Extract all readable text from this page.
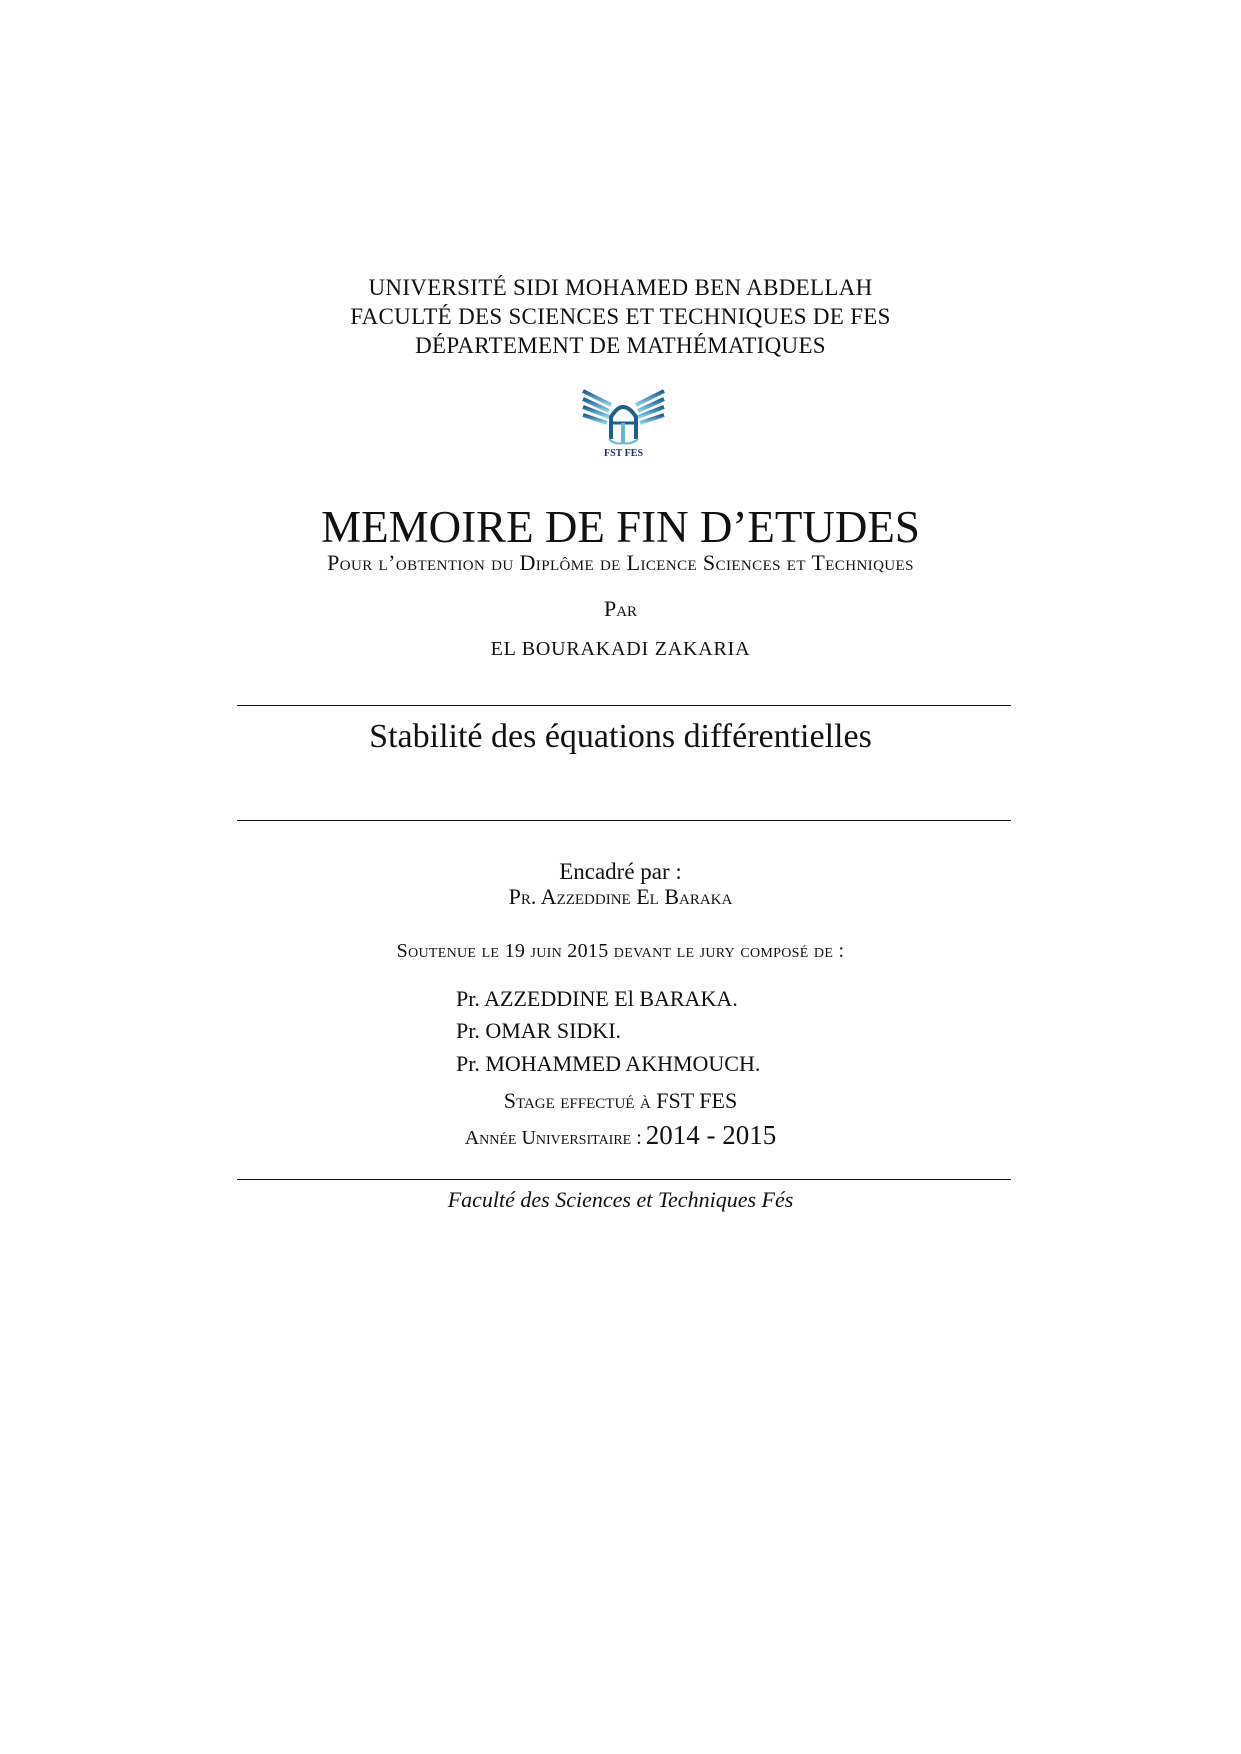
UNIVERSITÉ SIDI MOHAMED BEN ABDELLAH
FACULTÉ DES SCIENCES ET TECHNIQUES DE FES
DÉPARTEMENT DE MATHÉMATIQUES
FST FES
MEMOIRE DE FIN D’ETUDES
Pour l’obtention du Diplôme de Licence Sciences et Techniques
Par
EL BOURAKADI ZAKARIA
Stabilité des équations différentielles
Encadré par :
Pr. Azzeddine El Baraka
Soutenue le 19 juin 2015 devant le jury composé de :
Pr. AZZEDDINE El BARAKA.
Pr. OMAR SIDKI.
Pr. MOHAMMED AKHMOUCH.
Stage effectué à FST FES
Année Universitaire : 2014 - 2015
Faculté des Sciences et Techniques Fés
